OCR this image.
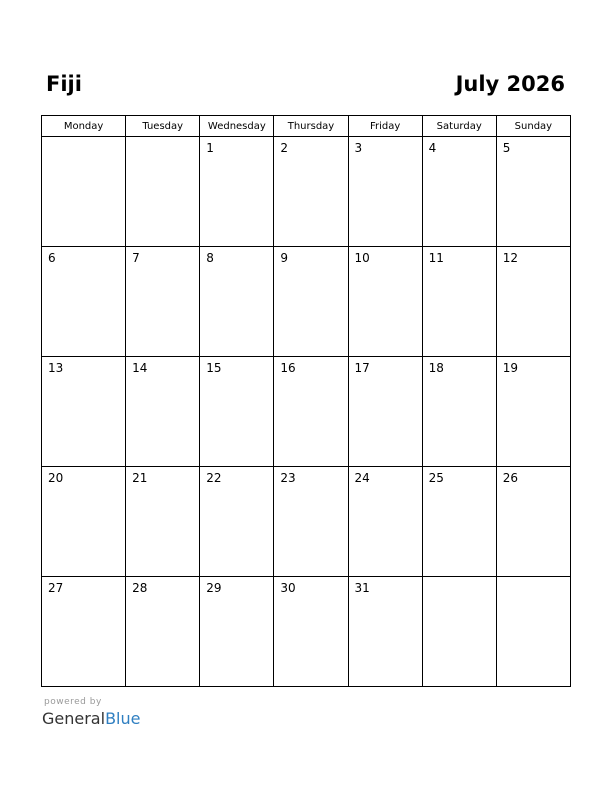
Fiji	July 2026
Monday	Tuesday	Wednesday	Thursday	Friday	Saturday	Sunday

		1	2	3	4	5

6	7	8	9	10	11	12

13	14	15	16	17	18	19

20	21	22	23	24	25	26

27	28	29	30	31		

powered by
GeneralBlue
